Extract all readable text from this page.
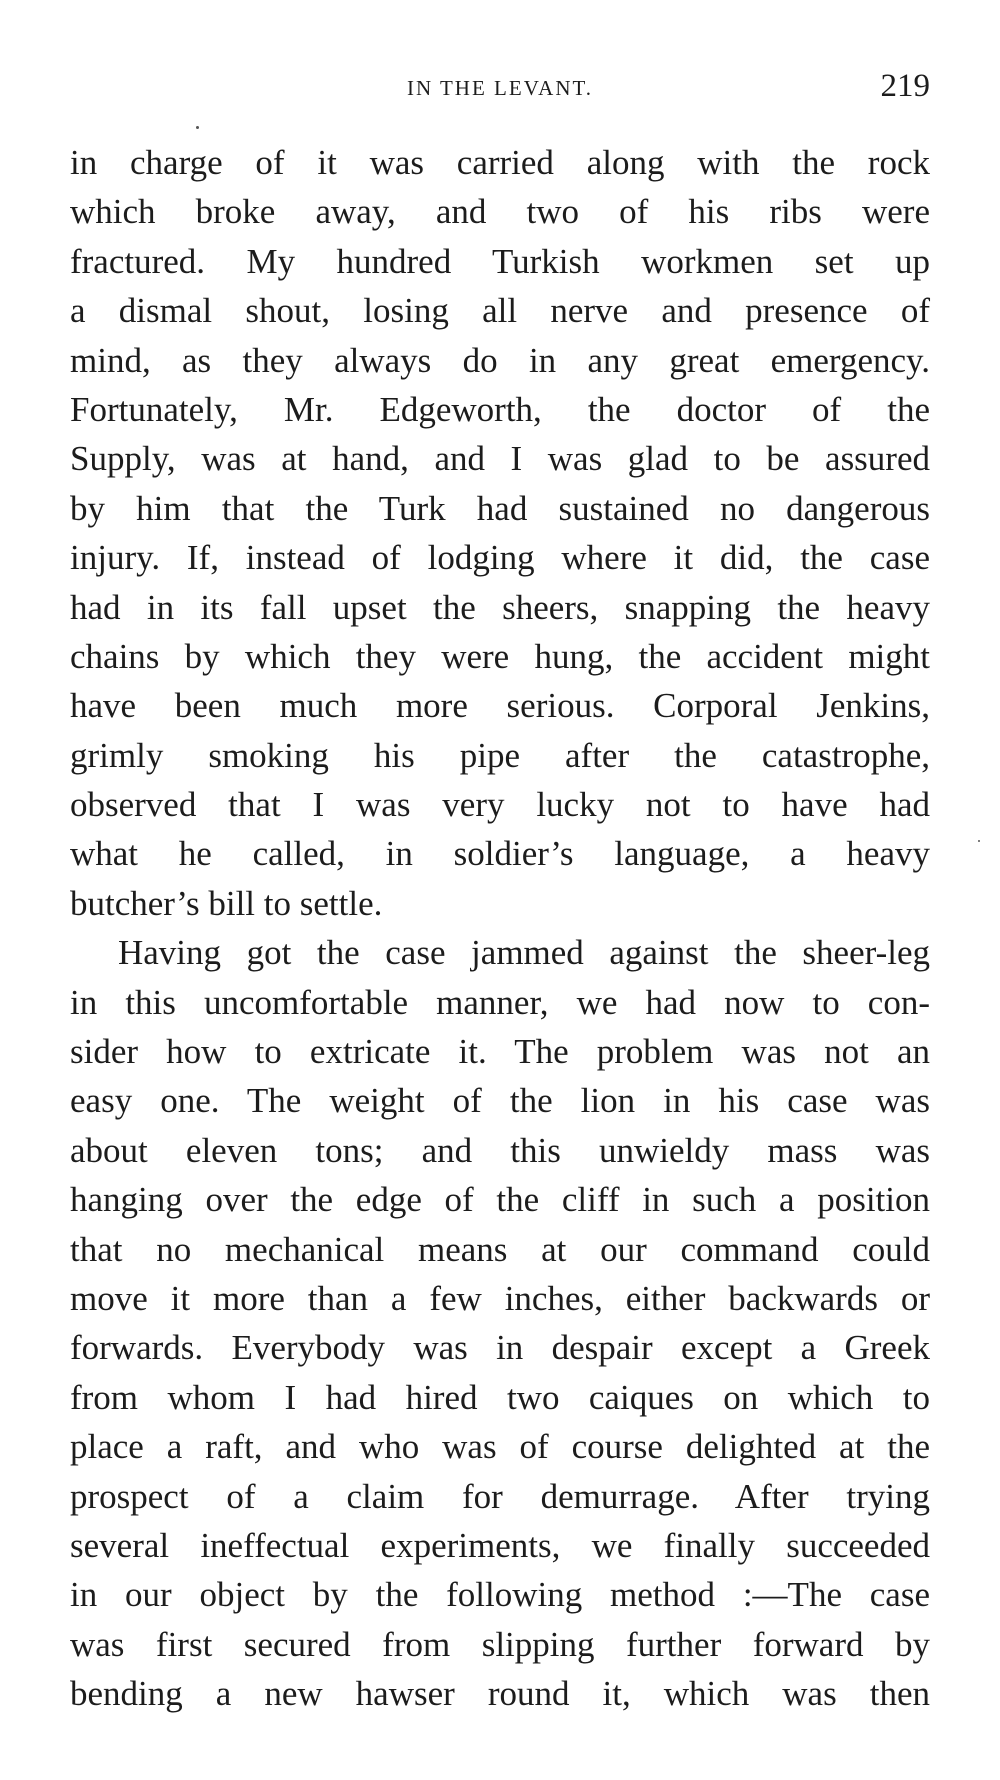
IN THE LEVANT.	219
in charge of it was carried along with the rock
which broke away, and two of his ribs were
fractured. My hundred Turkish workmen set up
a dismal shout, losing all nerve and presence of
mind, as they always do in any great emergency.
Fortunately, Mr. Edgeworth, the doctor of the
Supply, was at hand, and I was glad to be assured
by him that the Turk had sustained no dangerous
injury. If, instead of lodging where it did, the case
had in its fall upset the sheers, snapping the heavy
chains by which they were hung, the accident might
have been much more serious. Corporal Jenkins,
grimly smoking his pipe after the catastrophe,
observed that I was very lucky not to have had
what he called, in soldier’s language, a heavy
butcher’s bill to settle.
Having got the case jammed against the sheer-leg
in this uncomfortable manner, we had now to con-
sider how to extricate it. The problem was not an
easy one. The weight of the lion in his case was
about eleven tons; and this unwieldy mass was
hanging over the edge of the cliff in such a position
that no mechanical means at our command could
move it more than a few inches, either backwards or
forwards. Everybody was in despair except a Greek
from whom I had hired two caiques on which to
place a raft, and who was of course delighted at the
prospect of a claim for demurrage. After trying
several ineffectual experiments, we finally succeeded
in our object by the following method :—The case
was first secured from slipping further forward by
bending a new hawser round it, which was then
